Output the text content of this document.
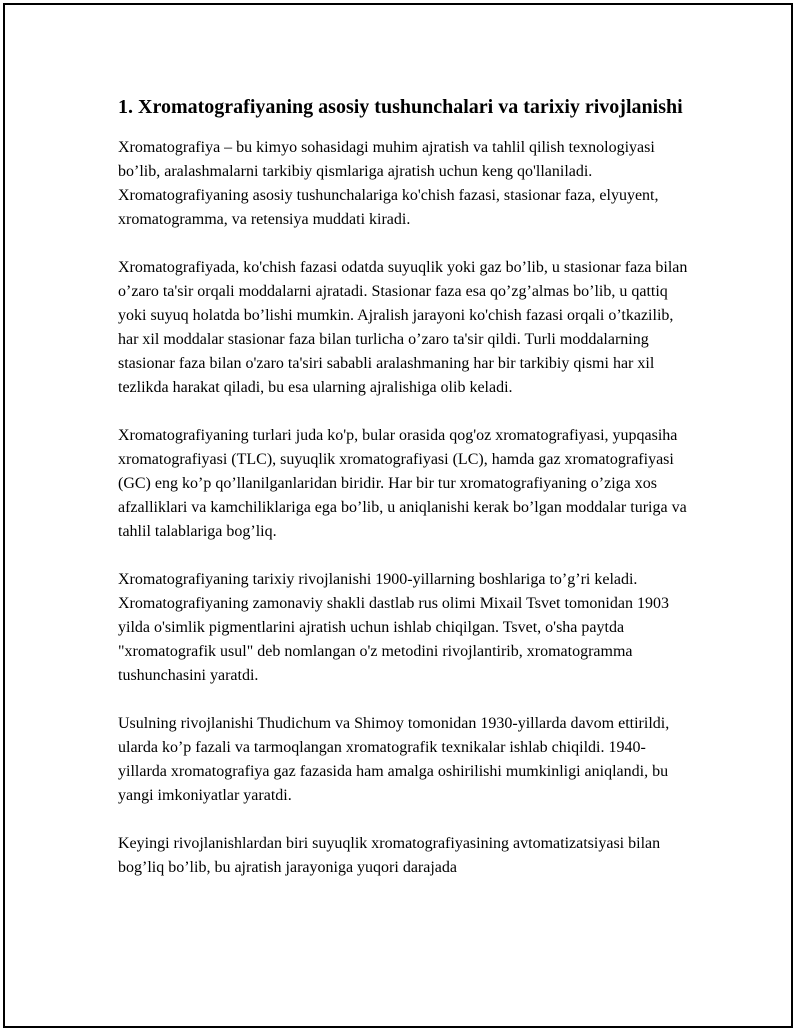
1. Xromatografiyaning asosiy tushunchalari va tarixiy rivojlanishi

Xromatografiya – bu kimyo sohasidagi muhim ajratish va tahlil qilish texnologiyasi bo’lib, aralashmalarni tarkibiy qismlariga ajratish uchun keng qo'llaniladi. Xromatografiyaning asosiy tushunchalariga ko'chish fazasi, stasionar faza, elyuyent, xromatogramma, va retensiya muddati kiradi.

Xromatografiyada, ko'chish fazasi odatda suyuqlik yoki gaz bo’lib, u stasionar faza bilan o’zaro ta'sir orqali moddalarni ajratadi. Stasionar faza esa qo’zg’almas bo’lib, u qattiq yoki suyuq holatda bo’lishi mumkin. Ajralish jarayoni ko'chish fazasi orqali o’tkazilib, har xil moddalar stasionar faza bilan turlicha o’zaro ta'sir qildi. Turli moddalarning stasionar faza bilan o'zaro ta'siri sababli aralashmaning har bir tarkibiy qismi har xil tezlikda harakat qiladi, bu esa ularning ajralishiga olib keladi.

Xromatografiyaning turlari juda ko'p, bular orasida qog'oz xromatografiyasi, yupqasiha xromatografiyasi (TLC), suyuqlik xromatografiyasi (LC), hamda gaz xromatografiyasi (GC) eng ko’p qo’llanilganlaridan biridir. Har bir tur xromatografiyaning o’ziga xos afzalliklari va kamchiliklariga ega bo’lib, u aniqlanishi kerak bo’lgan moddalar turiga va tahlil talablariga bog’liq.

Xromatografiyaning tarixiy rivojlanishi 1900-yillarning boshlariga to’g’ri keladi. Xromatografiyaning zamonaviy shakli dastlab rus olimi Mixail Tsvet tomonidan 1903 yilda o'simlik pigmentlarini ajratish uchun ishlab chiqilgan. Tsvet, o'sha paytda "xromatografik usul" deb nomlangan o'z metodini rivojlantirib, xromatogramma tushunchasini yaratdi.

Usulning rivojlanishi Thudichum va Shimoy tomonidan 1930-yillarda davom ettirildi, ularda ko’p fazali va tarmoqlangan xromatografik texnikalar ishlab chiqildi. 1940-yillarda xromatografiya gaz fazasida ham amalga oshirilishi mumkinligi aniqlandi, bu yangi imkoniyatlar yaratdi.

Keyingi rivojlanishlardan biri suyuqlik xromatografiyasining avtomatizatsiyasi bilan bog’liq bo’lib, bu ajratish jarayoniga yuqori darajada
